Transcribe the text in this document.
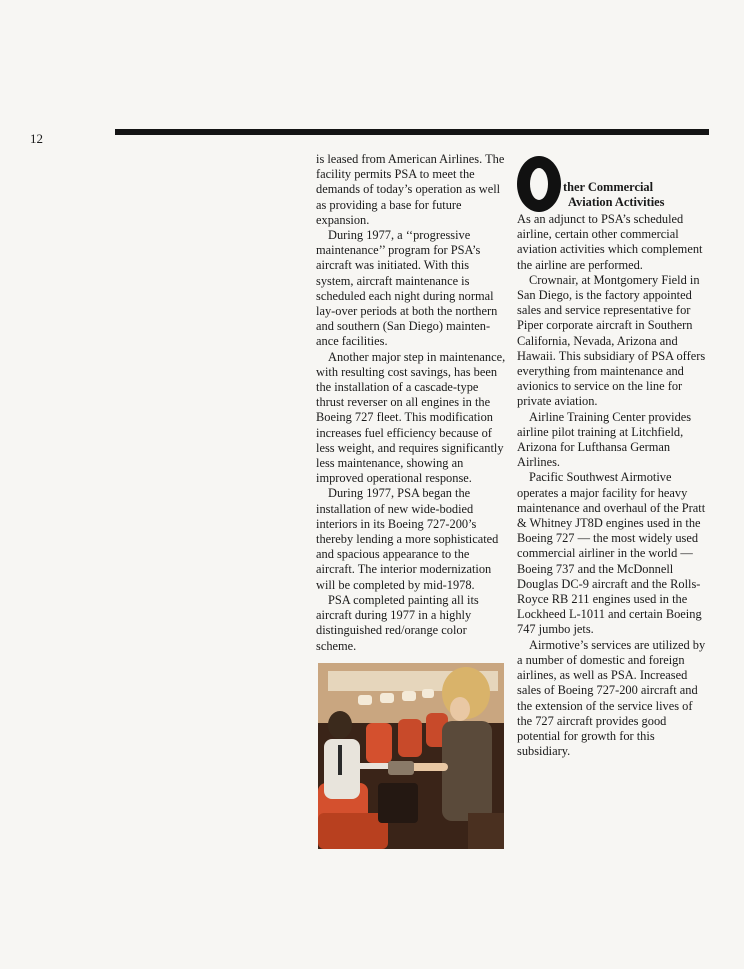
12

is leased from American Airlines. The facility permits PSA to meet the demands of today’s operation as well as providing a base for future expansion.

During 1977, a ‘‘progressive maintenance’’ program for PSA’s aircraft was initiated. With this system, aircraft maintenance is scheduled each night during normal lay-over periods at both the northern and southern (San Diego) mainten-ance facilities.

Another major step in maintenance, with resulting cost savings, has been the installation of a cascade-type thrust reverser on all engines in the Boeing 727 fleet. This modification increases fuel efficiency because of less weight, and requires significantly less maintenance, showing an improved operational response.

During 1977, PSA began the installation of new wide-bodied interiors in its Boeing 727-200’s thereby lending a more sophisticated and spacious appearance to the aircraft. The interior modernization will be completed by mid-1978.

PSA completed painting all its aircraft during 1977 in a highly distinguished red/orange color scheme.

ther Commercial
Aviation Activities

As an adjunct to PSA’s scheduled airline, certain other commercial aviation activities which complement the airline are performed.

Crownair, at Montgomery Field in San Diego, is the factory appointed sales and service representative for Piper corporate aircraft in Southern California, Nevada, Arizona and Hawaii. This subsidiary of PSA offers everything from maintenance and avionics to service on the line for private aviation.

Airline Training Center provides airline pilot training at Litchfield, Arizona for Lufthansa German Airlines.

Pacific Southwest Airmotive operates a major facility for heavy maintenance and overhaul of the Pratt & Whitney JT8D engines used in the Boeing 727 — the most widely used commercial airliner in the world — Boeing 737 and the McDonnell Douglas DC-9 aircraft and the Rolls-Royce RB 211 engines used in the Lockheed L-1011 and certain Boeing 747 jumbo jets.

Airmotive’s services are utilized by a number of domestic and foreign airlines, as well as PSA. Increased sales of Boeing 727-200 aircraft and the extension of the service lives of the 727 aircraft provides good potential for growth for this subsidiary.
